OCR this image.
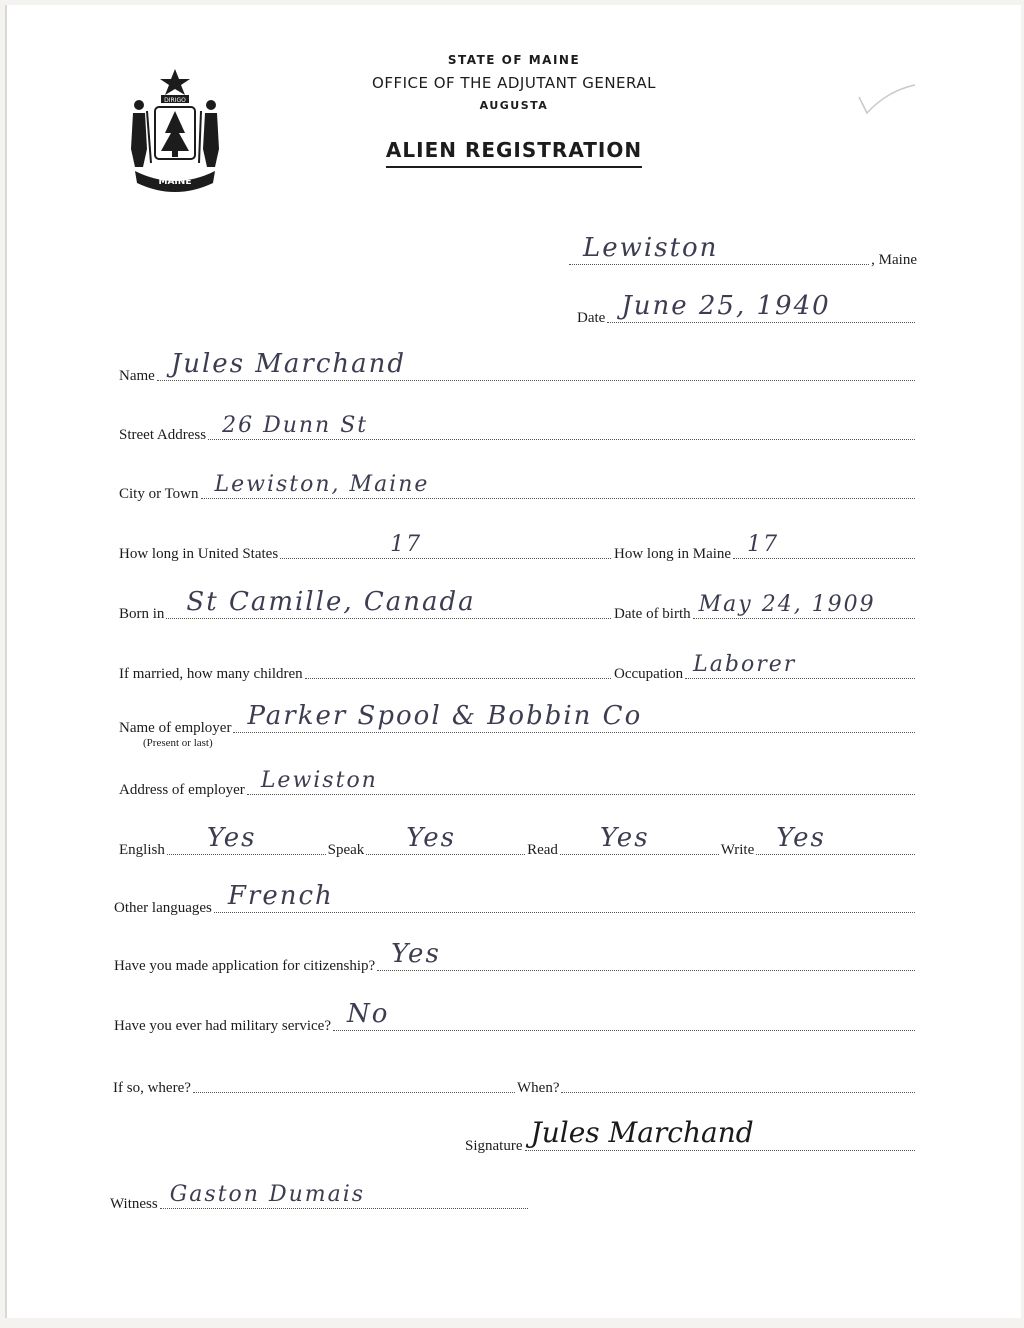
DIRIGO
MAINE
STATE OF MAINE
OFFICE OF THE ADJUTANT GENERAL
AUGUSTA
ALIEN REGISTRATION
Lewiston	, Maine
Date June 25, 1940
Name Jules Marchand
Street Address 26 Dunn St
City or Town Lewiston, Maine
How long in United States	17	How long in Maine 17
Born in St Camille, Canada	Date of birth May 24, 1909
If married, how many children	Occupation Laborer
Name of employer
(Present or last)
Parker Spool & Bobbin Co
Address of employer Lewiston
English Yes	Speak Yes	Read Yes	Write Yes
Other languages French
Have you made application for citizenship? Yes
Have you ever had military service? No
If so, where?	When?
Signature Jules Marchand
Witness Gaston Dumais
